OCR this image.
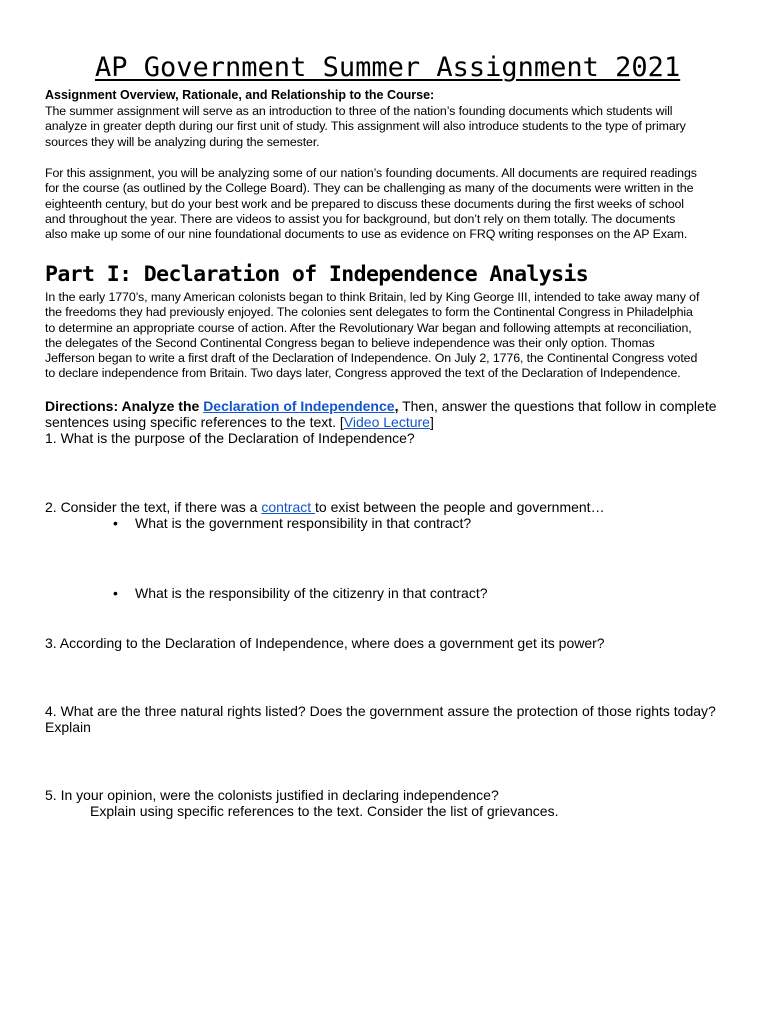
AP Government Summer Assignment 2021
Assignment Overview, Rationale, and Relationship to the Course:
The summer assignment will serve as an introduction to three of the nation’s founding documents which students will
analyze in greater depth during our first unit of study. This assignment will also introduce students to the type of primary
sources they will be analyzing during the semester.
For this assignment, you will be analyzing some of our nation’s founding documents. All documents are required readings
for the course (as outlined by the College Board). They can be challenging as many of the documents were written in the
eighteenth century, but do your best work and be prepared to discuss these documents during the first weeks of school
and throughout the year. There are videos to assist you for background, but don’t rely on them totally. The documents
also make up some of our nine foundational documents to use as evidence on FRQ writing responses on the AP Exam.
Part I: Declaration of Independence Analysis
In the early 1770’s, many American colonists began to think Britain, led by King George III, intended to take away many of
the freedoms they had previously enjoyed. The colonies sent delegates to form the Continental Congress in Philadelphia
to determine an appropriate course of action. After the Revolutionary War began and following attempts at reconciliation,
the delegates of the Second Continental Congress began to believe independence was their only option. Thomas
Jefferson began to write a first draft of the Declaration of Independence. On July 2, 1776, the Continental Congress voted
to declare independence from Britain. Two days later, Congress approved the text of the Declaration of Independence.
Directions: Analyze the Declaration of Independence, Then, answer the questions that follow in complete
sentences using specific references to the text. [Video Lecture]
1. What is the purpose of the Declaration of Independence?
2. Consider the text, if there was a contract to exist between the people and government…
• What is the government responsibility in that contract?
• What is the responsibility of the citizenry in that contract?
3. According to the Declaration of Independence, where does a government get its power?
4. What are the three natural rights listed? Does the government assure the protection of those rights today?
Explain
5. In your opinion, were the colonists justified in declaring independence?
Explain using specific references to the text. Consider the list of grievances.
